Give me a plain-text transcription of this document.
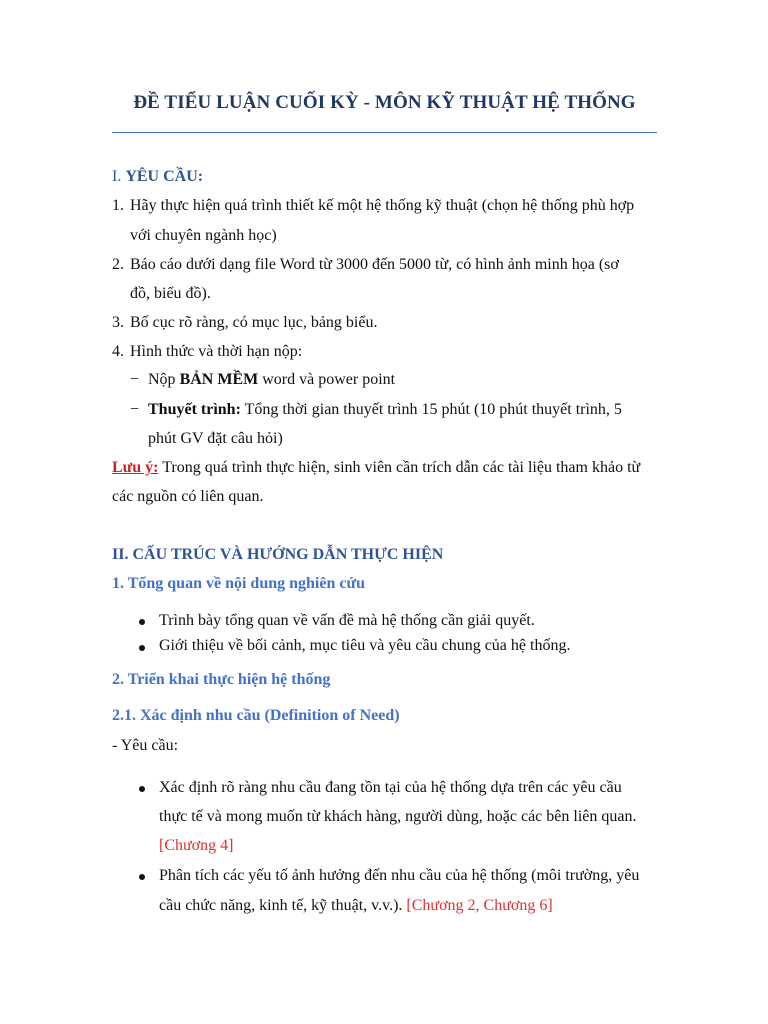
ĐỀ TIỂU LUẬN CUỐI KỲ - MÔN KỸ THUẬT HỆ THỐNG
I. YÊU CẦU:
1. Hãy thực hiện quá trình thiết kế một hệ thống kỹ thuật (chọn hệ thống phù hợp
với chuyên ngành học)
2. Báo cáo dưới dạng file Word từ 3000 đến 5000 từ, có hình ảnh minh họa (sơ
đồ, biểu đồ).
3. Bố cục rõ ràng, có mục lục, bảng biểu.
4. Hình thức và thời hạn nộp:
− Nộp BẢN MỀM word và power point
− Thuyết trình: Tổng thời gian thuyết trình 15 phút (10 phút thuyết trình, 5
phút GV đặt câu hỏi)
Lưu ý: Trong quá trình thực hiện, sinh viên cần trích dẫn các tài liệu tham khảo từ
các nguồn có liên quan.
II. CẤU TRÚC VÀ HƯỚNG DẪN THỰC HIỆN
1. Tổng quan về nội dung nghiên cứu
Trình bày tổng quan về vấn đề mà hệ thống cần giải quyết.
Giới thiệu về bối cảnh, mục tiêu và yêu cầu chung của hệ thống.
2. Triển khai thực hiện hệ thống
2.1. Xác định nhu cầu (Definition of Need)
- Yêu cầu:
Xác định rõ ràng nhu cầu đang tồn tại của hệ thống dựa trên các yêu cầu
thực tế và mong muốn từ khách hàng, người dùng, hoặc các bên liên quan.
[Chương 4]
Phân tích các yếu tố ảnh hưởng đến nhu cầu của hệ thống (môi trường, yêu
cầu chức năng, kinh tế, kỹ thuật, v.v.). [Chương 2, Chương 6]
